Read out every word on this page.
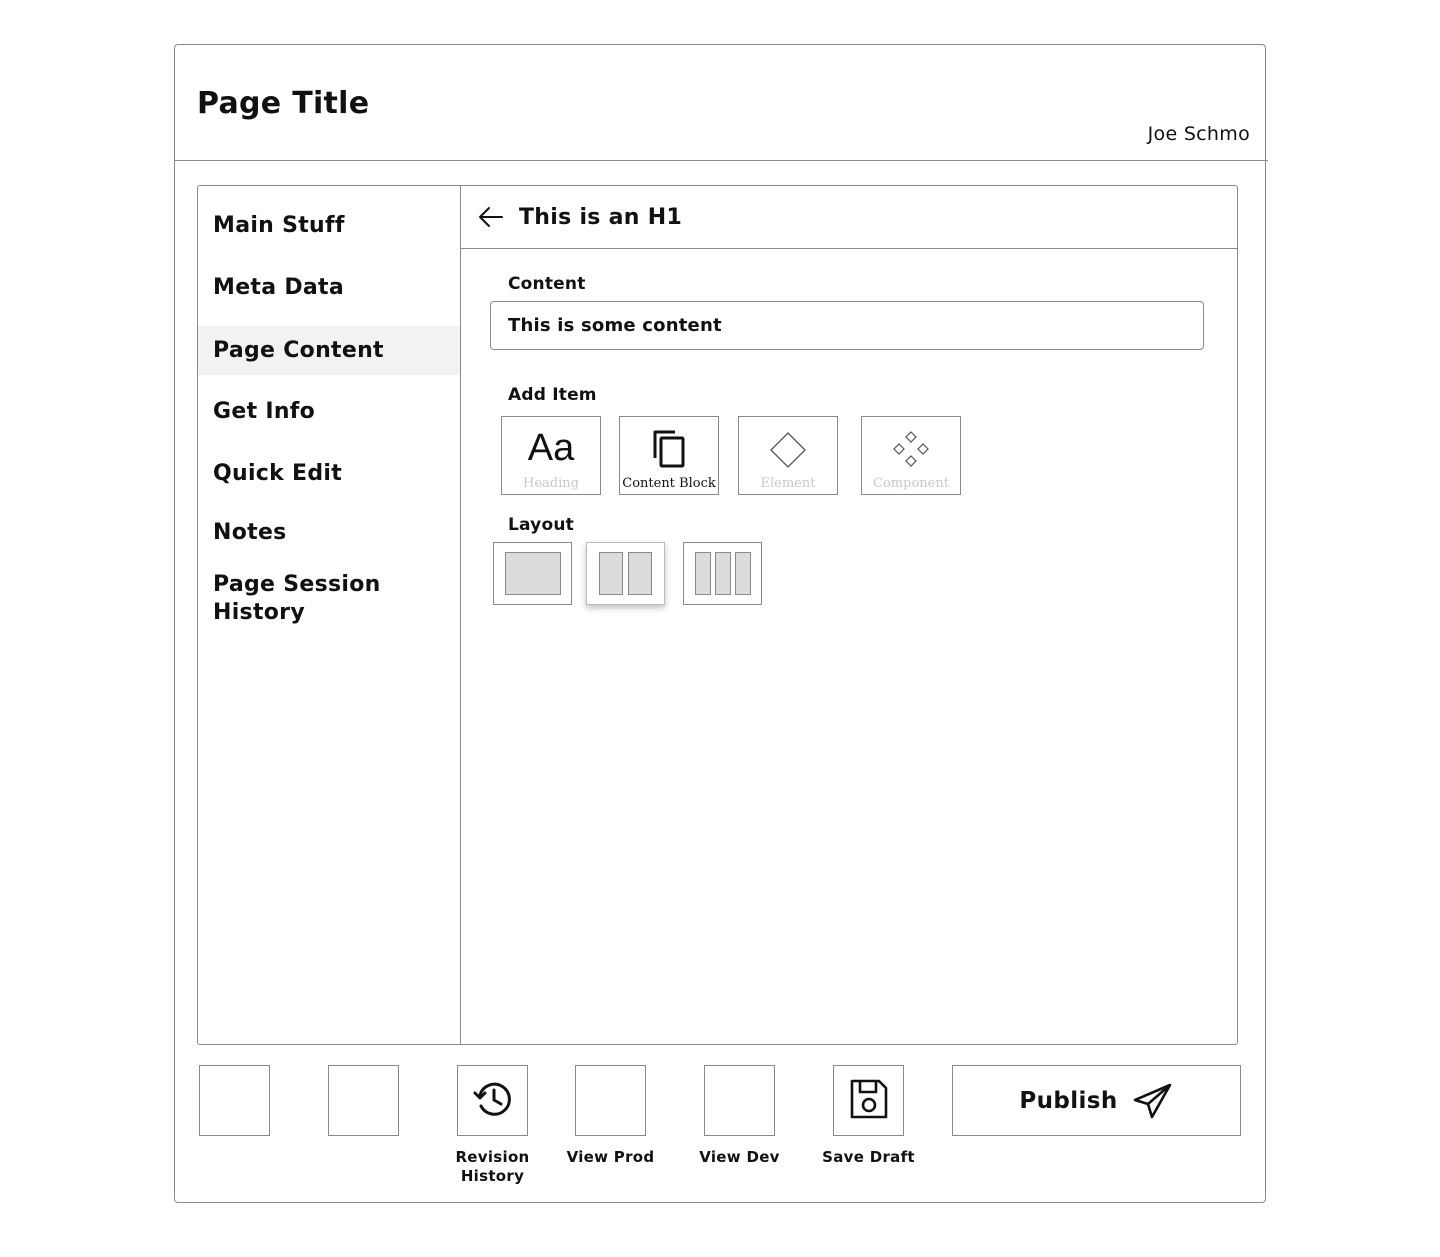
Page Title
Joe Schmo
Main Stuff
Meta Data
Page Content
Get Info
Quick Edit
Notes
Page Session History
This is an H1
Content
This is some content
Add Item
Aa
Heading	Content Block	Element	Component
Layout
Revision History
View Prod	View Dev	Save Draft
Publish
